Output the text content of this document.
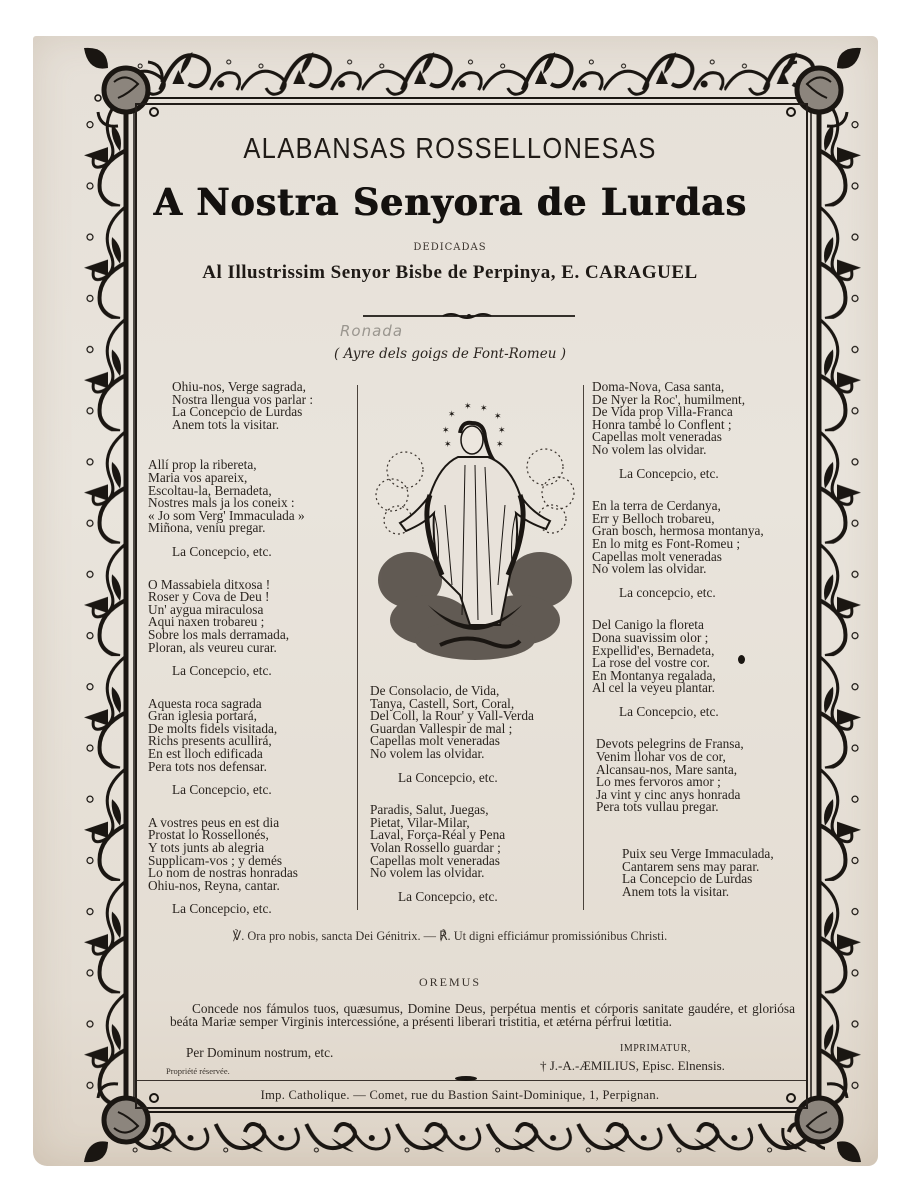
ALABANSAS ROSSELLONESAS
A Nostra Senyora de Lurdas
DEDICADAS
Al Illustrissim Senyor Bisbe de Perpinya, E. CARAGUEL
Ronada
( Ayre dels goigs de Font-Romeu )
Ohiu-nos, Verge sagrada,
Nostra llengua vos parlar :
La Concepcio de Lurdas
Anem tots la visitar.
Allí prop la ribereta,
Maria vos apareix,
Escoltau-la, Bernadeta,
Nostres mals ja los coneix :
« Jo som Verg' Immaculada »
Miñona, veniu pregar.
La Concepcio, etc.
O Massabiela ditxosa !
Roser y Cova de Deu !
Un' aygua miraculosa
Aqui naxen trobareu ;
Sobre los mals derramada,
Ploran, als veureu curar.
La Concepcio, etc.
Aquesta roca sagrada
Gran iglesia portará,
De molts fidels visitada,
Richs presents acullirá,
En est lloch edificada
Pera tots nos defensar.
La Concepcio, etc.
A vostres peus en est dia
Prostat lo Rossellonés,
Y tots junts ab alegria
Supplicam-vos ; y demés
Lo nom de nostras honradas
Ohiu-nos, Reyna, cantar.
La Concepcio, etc.
✶
✶ ✶
✶
✶
✶
✶	✶
De Consolacio, de Vida,
Tanya, Castell, Sort, Coral,
Del Coll, la Rour' y Vall-Verda
Guardan Vallespir de mal ;
Capellas molt veneradas
No volem las olvidar.
La Concepcio, etc.
Paradis, Salut, Juegas,
Pietat, Vilar-Milar,
Laval, Força-Réal y Pena
Volan Rossello guardar ;
Capellas molt veneradas
No volem las olvidar.
La Concepcio, etc.
Doma-Nova, Casa santa,
De Nyer la Roc', humilment,
De Vida prop Villa-Franca
Honra també lo Conflent ;
Capellas molt veneradas
No volem las olvidar.
La Concepcio, etc.
En la terra de Cerdanya,
Err y Belloch trobareu,
Gran bosch, hermosa montanya,
En lo mitg es Font-Romeu ;
Capellas molt veneradas
No volem las olvidar.
La concepcio, etc.
Del Canigo la floreta
Dona suavissim olor ;
Expellid'es, Bernadeta,
La rose del vostre cor.
En Montanya regalada,
Al cel la veyeu plantar.
La Concepcio, etc.
Devots pelegrins de Fransa,
Venim llohar vos de cor,
Alcansau-nos, Mare santa,
Lo mes fervoros amor ;
Ja vint y cinc anys honrada
Pera tots vullau pregar.
Puix seu Verge Immaculada,
Cantarem sens may parar.
La Concepcio de Lurdas
Anem tots la visitar.
℣. Ora pro nobis, sancta Dei Génitrix. — ℟. Ut digni efficiámur promissiónibus Christi.
OREMUS
Concede nos fámulos tuos, quæsumus, Domine Deus, perpétua mentis et córporis sanitate gaudére, et gloriósa beáta Mariæ semper Virginis intercessióne, a présenti liberari tristitia, et ætérna pérfrui lœtitia.
Per Dominum nostrum, etc.	IMPRIMATUR,
† J.-A.-ÆMILIUS, Episc. Elnensis.
Propriété réservée.
Imp. Catholique. — Comet, rue du Bastion Saint-Dominique, 1, Perpignan.
